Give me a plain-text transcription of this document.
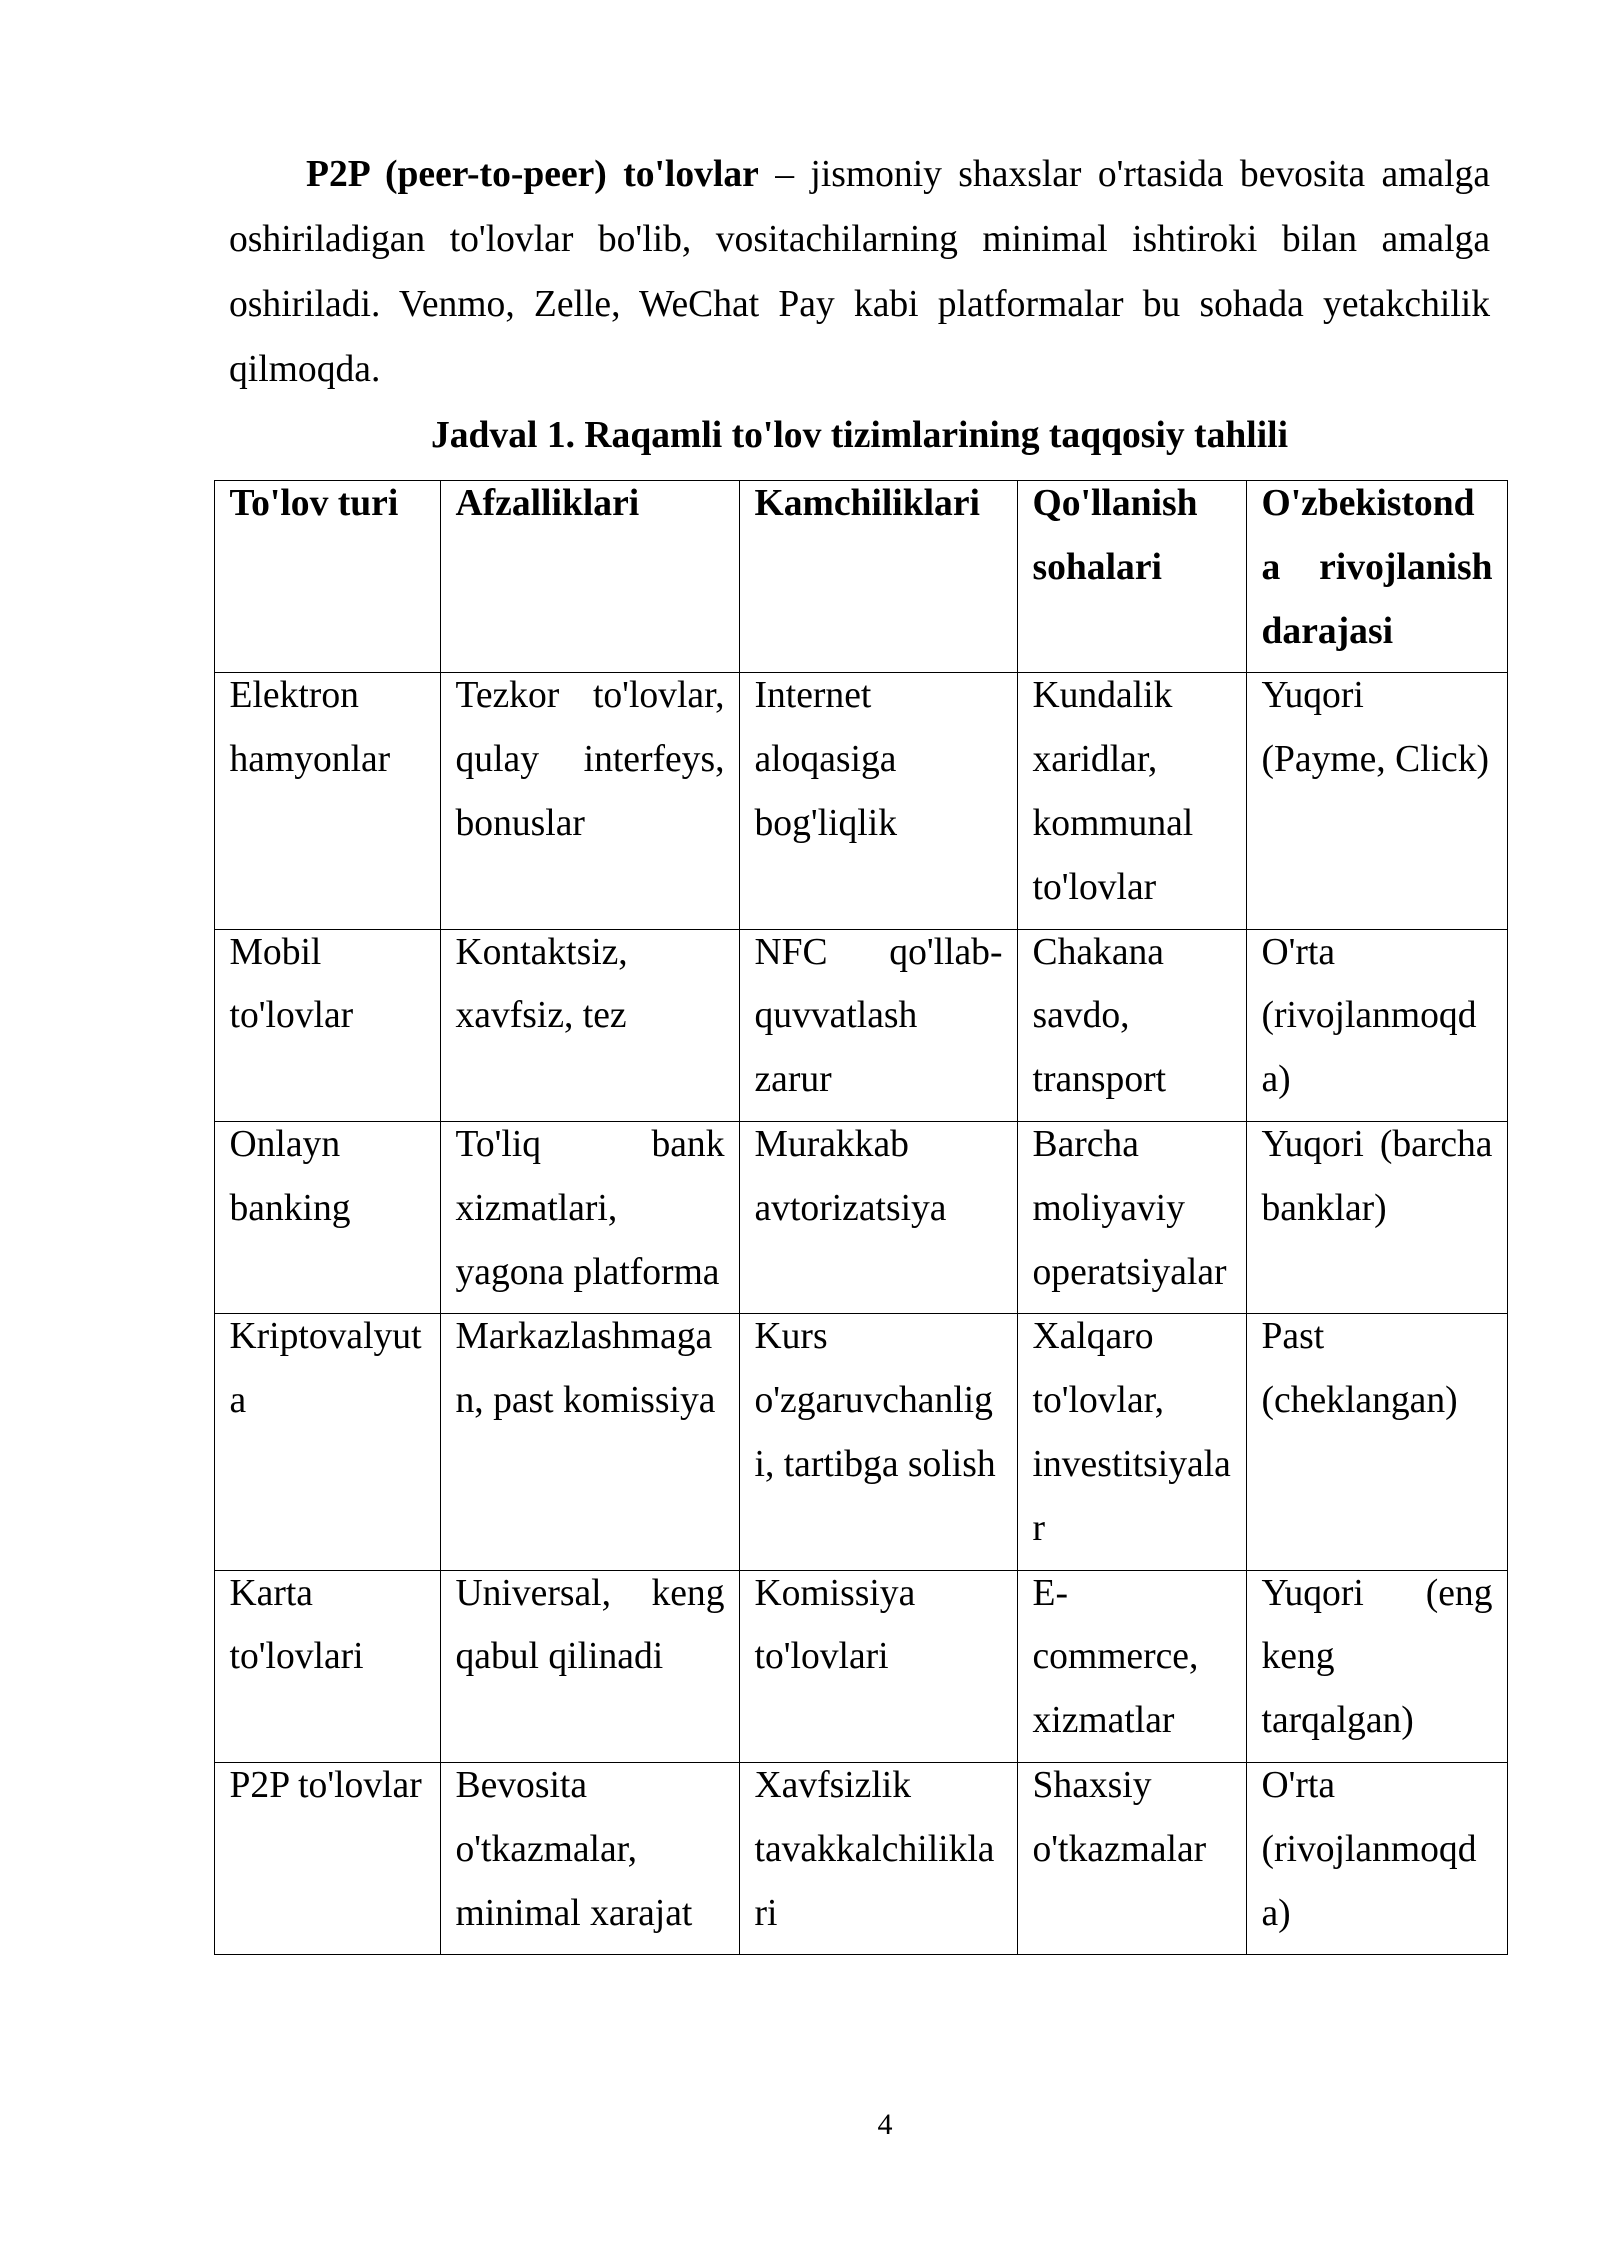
P2P (peer-to-peer) to'lovlar – jismoniy shaxslar o'rtasida bevosita amalga oshiriladigan to'lovlar bo'lib, vositachilarning minimal ishtiroki bilan amalga oshiriladi. Venmo, Zelle, WeChat Pay kabi platformalar bu sohada yetakchilik qilmoqda.

Jadval 1. Raqamli to'lov tizimlarining taqqosiy tahlili

To'lov turi	Afzalliklari	Kamchiliklari	Qo'llanish sohalari	O'zbekistonda rivojlanish darajasi

Elektron hamyonlar	Tezkor to'lovlar, qulay interfeys, bonuslar	Internet aloqasiga bog'liqlik	Kundalik xaridlar, kommunal to'lovlar	Yuqori (Payme, Click)

Mobil to'lovlar	Kontaktsiz, xavfsiz, tez	NFC qo'llab-quvvatlash zarur	Chakana savdo, transport	O'rta (rivojlanmoqda)

Onlayn banking	To'liq bank xizmatlari, yagona platforma	Murakkab avtorizatsiya	Barcha moliyaviy operatsiyalar	Yuqori (barcha banklar)

Kriptovalyuta	Markazlashmagan, past komissiya	Kurs o'zgaruvchanligi, tartibga solish	Xalqaro to'lovlar, investitsiyalar	Past (cheklangan)

Karta to'lovlari	Universal, keng qabul qilinadi	Komissiya to'lovlari	E-commerce, xizmatlar	Yuqori (eng keng tarqalgan)

P2P to'lovlar	Bevosita o'tkazmalar, minimal xarajat	Xavfsizlik tavakkalchiliklari	Shaxsiy o'tkazmalar	O'rta (rivojlanmoqda)
4
